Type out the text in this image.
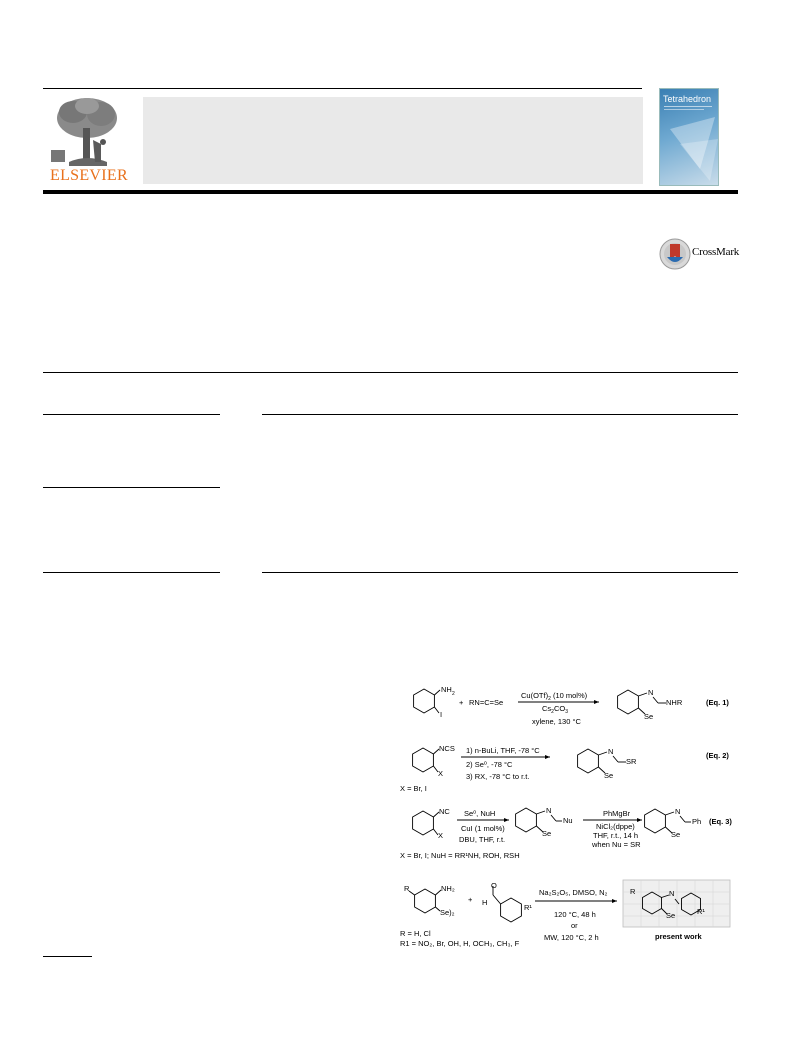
ELSEVIER
Tetrahedron
CrossMark
NH 2
I
+ RN=C=Se
$Cu(OTf)_2$ (10 mol%)
$Cs_2CO_3$
xylene, 130 °C
N
Se
NHR	(Eq. 1)
NCS
X
1) n-BuLi, THF, -78 °C
2) Se⁰, -78 °C
3) RX, -78 °C to r.t.
N
Se
SR
(Eq. 2)
X = Br, I
NC
X
Se⁰, NuH
CuI (1 mol%)
DBU, THF, r.t.
N
Se
Nu
PhMgBr
NiCl₂(dppe)
THF, r.t., 14 h
when Nu = SR
N
Se
Ph (Eq. 3)
X = Br, I; NuH = RR¹NH, ROH, RSH
R	NH₂
Se)₂
+
O
H
R¹
Na₂S₂O₅, DMSO, N₂
120 °C, 48 h
or
MW, 120 °C, 2 h
R	N
Se	R¹
present work
R = H, Cl
R1 = NO₂, Br, OH, H, OCH₃, CH₃, F
